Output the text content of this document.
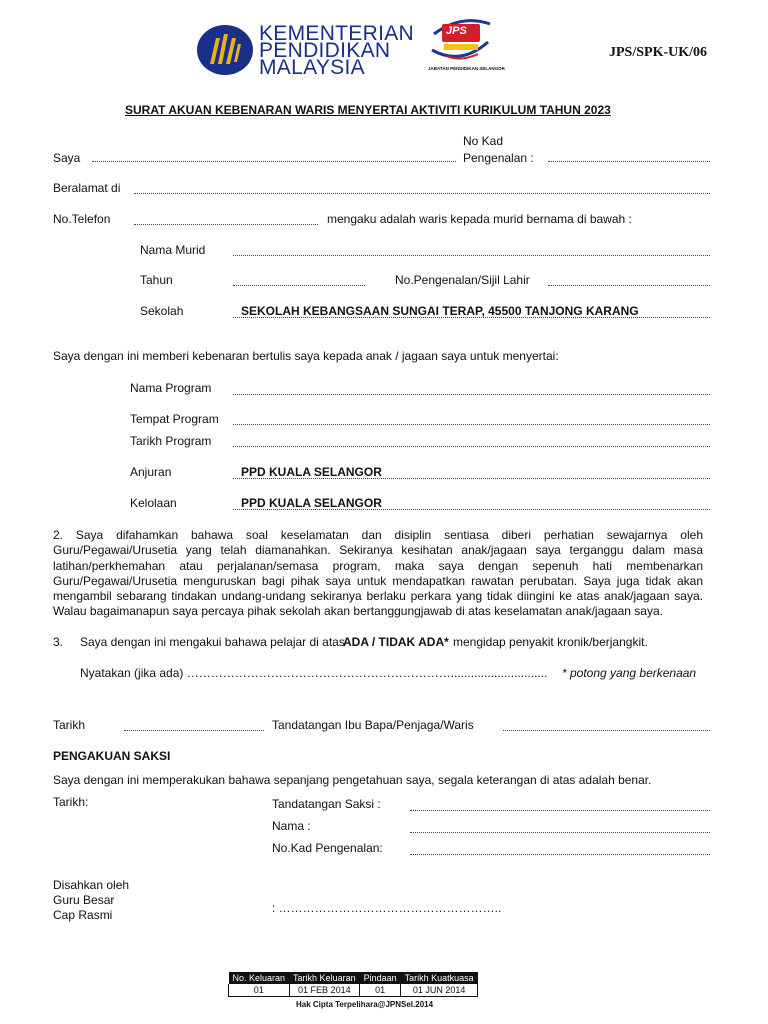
KEMENTERIAN
PENDIDIKAN
MALAYSIA
JPS
JABATAN PENDIDIKAN SELANGOR
JPS/SPK-UK/06
SURAT AKUAN KEBENARAN WARIS MENYERTAI AKTIVITI KURIKULUM TAHUN 2023
Saya
No Kad
Pengenalan :
Beralamat di
No.Telefon	mengaku adalah waris kepada murid bernama di bawah :
Nama Murid
Tahun	No.Pengenalan/Sijil Lahir
Sekolah	SEKOLAH KEBANGSAAN SUNGAI TERAP, 45500 TANJONG KARANG
Saya dengan ini memberi kebenaran bertulis saya kepada anak / jagaan saya untuk menyertai:
Nama Program
Tempat Program
Tarikh Program
Anjuran	PPD KUALA SELANGOR
Kelolaan	PPD KUALA SELANGOR
2. Saya difahamkan bahawa soal keselamatan dan disiplin sentiasa diberi perhatian sewajarnya oleh Guru/Pegawai/Urusetia yang telah diamanahkan. Sekiranya kesihatan anak/jagaan saya terganggu dalam masa latihan/perkhemahan atau perjalanan/semasa program, maka saya dengan sepenuh hati membenarkan Guru/Pegawai/Urusetia menguruskan bagi pihak saya untuk mendapatkan rawatan perubatan. Saya juga tidak akan mengambil sebarang tindakan undang-undang sekiranya berlaku perkara yang tidak diingini ke atas anak/jagaan saya. Walau bagaimanapun saya percaya pihak sekolah akan bertanggungjawab di atas keselamatan anak/jagaan saya.
3. Saya dengan ini mengakui bahawa pelajar di atas
ADA / TIDAK ADA* mengidap penyakit kronik/berjangkit.
Nyatakan (jika ada) …………………………………………………………............................. * potong yang berkenaan
Tarikh	Tandatangan Ibu Bapa/Penjaga/Waris
PENGAKUAN SAKSI
Saya dengan ini memperakukan bahawa sepanjang pengetahuan saya, segala keterangan di atas adalah benar.
Tarikh:	Tandatangan Saksi :
Nama :
No.Kad Pengenalan:
Disahkan oleh
Guru Besar
Cap Rasmi	: ………………………………………………..
No. Keluaran	Tarikh Keluaran	Pindaan	Tarikh Kuatkuasa
01	01 FEB 2014	01	01 JUN 2014
Hak Cipta Terpelihara@JPNSel.2014
